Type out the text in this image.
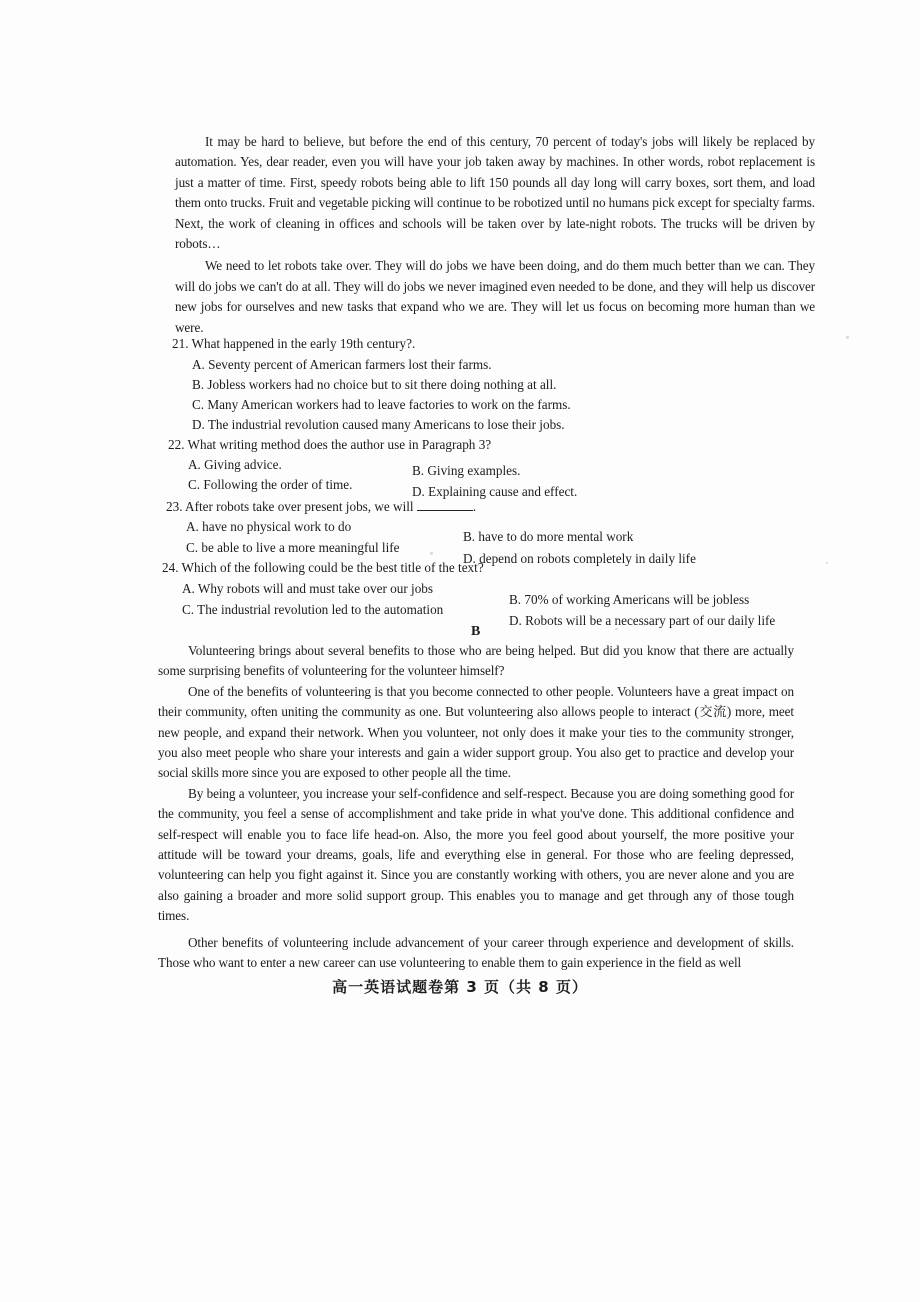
It may be hard to believe, but before the end of this century, 70 percent of today's jobs will likely be replaced by automation. Yes, dear reader, even you will have your job taken away by machines. In other words, robot replacement is just a matter of time. First, speedy robots being able to lift 150 pounds all day long will carry boxes, sort them, and load them onto trucks. Fruit and vegetable picking will continue to be robotized until no humans pick except for specialty farms. Next, the work of cleaning in offices and schools will be taken over by late-night robots. The trucks will be driven by robots…

We need to let robots take over. They will do jobs we have been doing, and do them much better than we can. They will do jobs we can't do at all. They will do jobs we never imagined even needed to be done, and they will help us discover new jobs for ourselves and new tasks that expand who we are. They will let us focus on becoming more human than we were.

21. What happened in the early 19th century?.
A. Seventy percent of American farmers lost their farms.
B. Jobless workers had no choice but to sit there doing nothing at all.
C. Many American workers had to leave factories to work on the farms.
D. The industrial revolution caused many Americans to lose their jobs.
22. What writing method does the author use in Paragraph 3?
A. Giving advice.	B. Giving examples.
C. Following the order of time.	D. Explaining cause and effect.
23. After robots take over present jobs, we will	.
A. have no physical work to do
B. have to do more mental work
C. be able to live a more meaningful life
D. depend on robots completely in daily life
24. Which of the following could be the best title of the text?
A. Why robots will and must take over our jobs
B. 70% of working Americans will be jobless
C. The industrial revolution led to the automation
D. Robots will be a necessary part of our daily life
B

Volunteering brings about several benefits to those who are being helped. But did you know that there are actually some surprising benefits of volunteering for the volunteer himself?

One of the benefits of volunteering is that you become connected to other people. Volunteers have a great impact on their community, often uniting the community as one. But volunteering also allows people to interact (交流) more, meet new people, and expand their network. When you volunteer, not only does it make your ties to the community stronger, you also meet people who share your interests and gain a wider support group. You also get to practice and develop your social skills more since you are exposed to other people all the time.

By being a volunteer, you increase your self-confidence and self-respect. Because you are doing something good for the community, you feel a sense of accomplishment and take pride in what you've done. This additional confidence and self-respect will enable you to face life head-on. Also, the more you feel good about yourself, the more positive your attitude will be toward your dreams, goals, life and everything else in general. For those who are feeling depressed, volunteering can help you fight against it. Since you are constantly working with others, you are never alone and you are also gaining a broader and more solid support group. This enables you to manage and get through any of those tough times.

Other benefits of volunteering include advancement of your career through experience and development of skills. Those who want to enter a new career can use volunteering to enable them to gain experience in the field as well

高一英语试题卷第 3 页（共 8 页）
